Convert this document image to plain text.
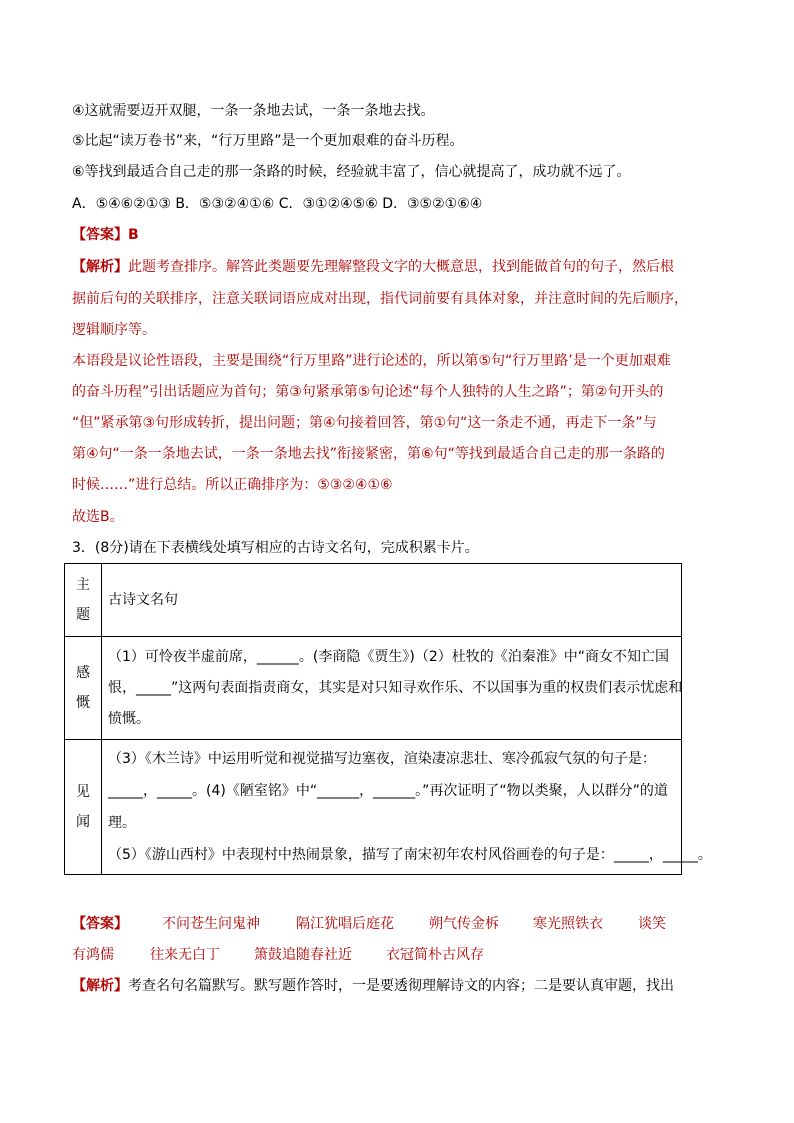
④这就需要迈开双腿，一条一条地去试，一条一条地去找。
⑤比起“读万卷书”来，“行万里路”是一个更加艰难的奋斗历程。
⑥等找到最适合自己走的那一条路的时候，经验就丰富了，信心就提高了，成功就不远了。
A．⑤④⑥②①③ B．⑤③②④①⑥ C．③①②④⑤⑥ D．③⑤②①⑥④
【答案】B
【解析】此题考查排序。解答此类题要先理解整段文字的大概意思，找到能做首句的句子，然后根
据前后句的关联排序，注意关联词语应成对出现，指代词前要有具体对象，并注意时间的先后顺序，
逻辑顺序等。
本语段是议论性语段，主要是围绕“行万里路”进行论述的，所以第⑤句“行万里路’是一个更加艰难
的奋斗历程”引出话题应为首句；第③句紧承第⑤句论述“每个人独特的人生之路”；第②句开头的
“但”紧承第③句形成转折，提出问题；第④句接着回答，第①句“这一条走不通，再走下一条”与
第④句“一条一条地去试，一条一条地去找”衔接紧密，第⑥句“等找到最适合自己走的那一条路的
时候……”进行总结。所以正确排序为：⑤③②④①⑥
故选B。
3．(8分)请在下表横线处填写相应的古诗文名句，完成积累卡片。
主题	古诗文名句

感慨	（1）可怜夜半虚前席，______。(李商隐《贾生》)（2）杜牧的《泊秦淮》中“商女不知亡国
恨，_____”这两句表面指责商女，其实是对只知寻欢作乐、不以国事为重的权贵们表示忧虑和
愤慨。

见闻	（3）《木兰诗》中运用听觉和视觉描写边塞夜，渲染凄凉悲壮、寒冷孤寂气氛的句子是：
_____，_____。(4)《陋室铭》中“______，______。”再次证明了“物以类聚，人以群分”的道
理。
（5）《游山西村》中表现村中热闹景象，描写了南宋初年农村风俗画卷的句子是：_____，_____。
【答案】 不问苍生问鬼神	隔江犹唱后庭花	朔气传金柝 寒光照铁衣	谈笑
有鸿儒	往来无白丁 箫鼓追随春社近 衣冠简朴古风存
【解析】考查名句名篇默写。默写题作答时，一是要透彻理解诗文的内容；二是要认真审题，找出
